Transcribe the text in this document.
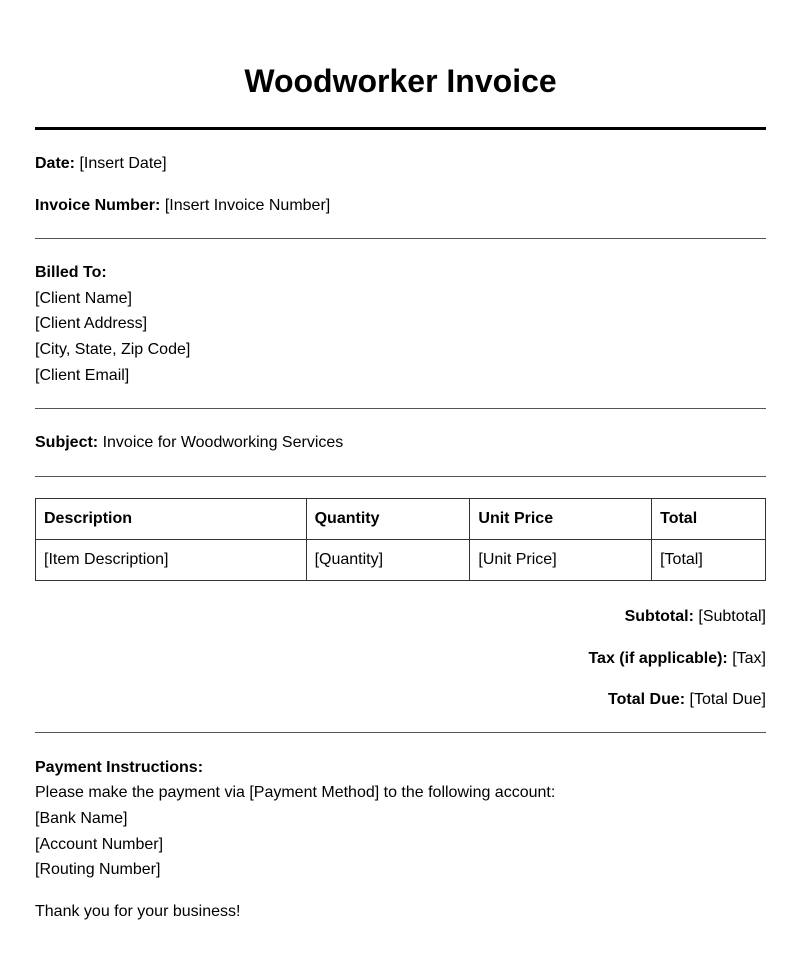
Woodworker Invoice
Date: [Insert Date]
Invoice Number: [Insert Invoice Number]
Billed To:
[Client Name]
[Client Address]
[City, State, Zip Code]
[Client Email]
Subject: Invoice for Woodworking Services
Description	Quantity	Unit Price	Total
[Item Description]	[Quantity]	[Unit Price]	[Total]
Subtotal: [Subtotal]
Tax (if applicable): [Tax]
Total Due: [Total Due]
Payment Instructions:
Please make the payment via [Payment Method] to the following account:
[Bank Name]
[Account Number]
[Routing Number]
Thank you for your business!
